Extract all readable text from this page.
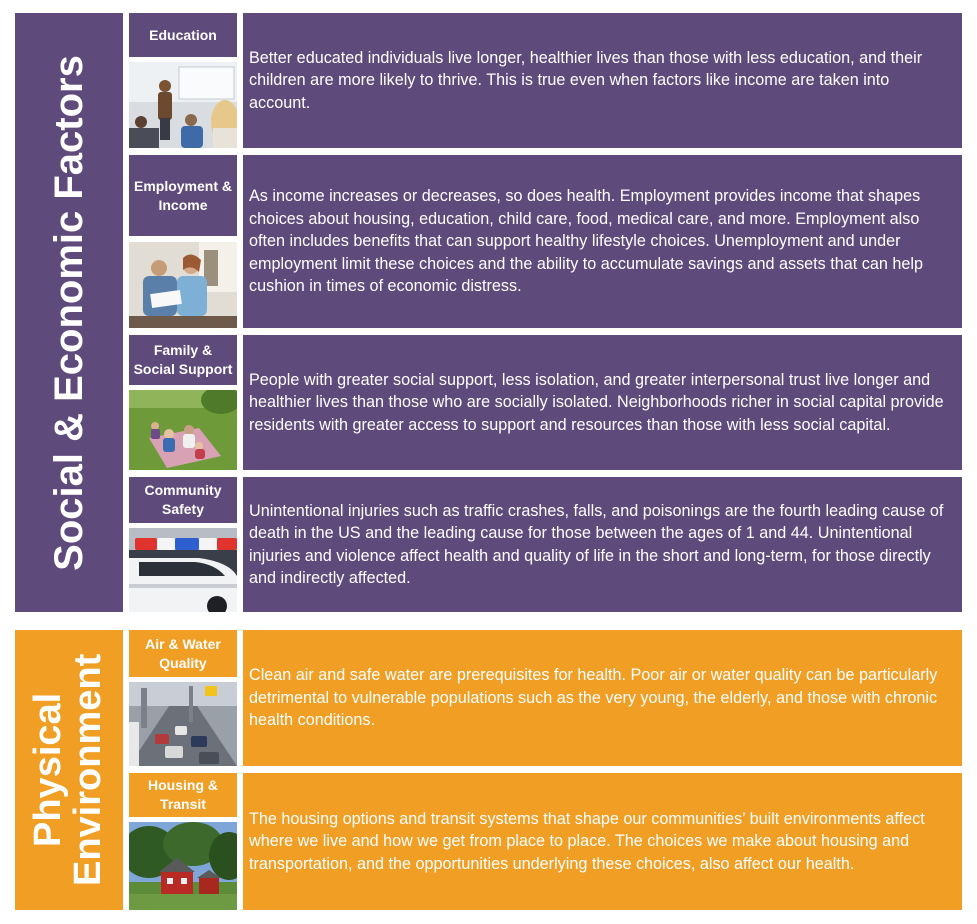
Social & Economic Factors
Education
Better educated individuals live longer, healthier lives than those with less education, and their children are more likely to thrive. This is true even when factors like income are taken into account.
Employment & Income	As income increases or decreases, so does health. Employment provides income that shapes choices about housing, education, child care, food, medical care, and more. Employment also often includes benefits that can support healthy lifestyle choices. Unemployment and under employment limit these choices and the ability to accumulate savings and assets that can help cushion in times of economic distress.
Family & Social Support
People with greater social support, less isolation, and greater interpersonal trust live longer and healthier lives than those who are socially isolated. Neighborhoods richer in social capital provide residents with greater access to support and resources than those with less social capital.
Community Safety	Unintentional injuries such as traffic crashes, falls, and poisonings are the fourth leading cause of death in the US and the leading cause for those between the ages of 1 and 44. Unintentional injuries and violence affect health and quality of life in the short and long-term, for those directly and indirectly affected.
Physical
Environment
Air & Water Quality
Clean air and safe water are prerequisites for health. Poor air or water quality can be particularly detrimental to vulnerable populations such as the very young, the elderly, and those with chronic health conditions.
Housing & Transit
The housing options and transit systems that shape our communities’ built environments affect where we live and how we get from place to place. The choices we make about housing and transportation, and the opportunities underlying these choices, also affect our health.
